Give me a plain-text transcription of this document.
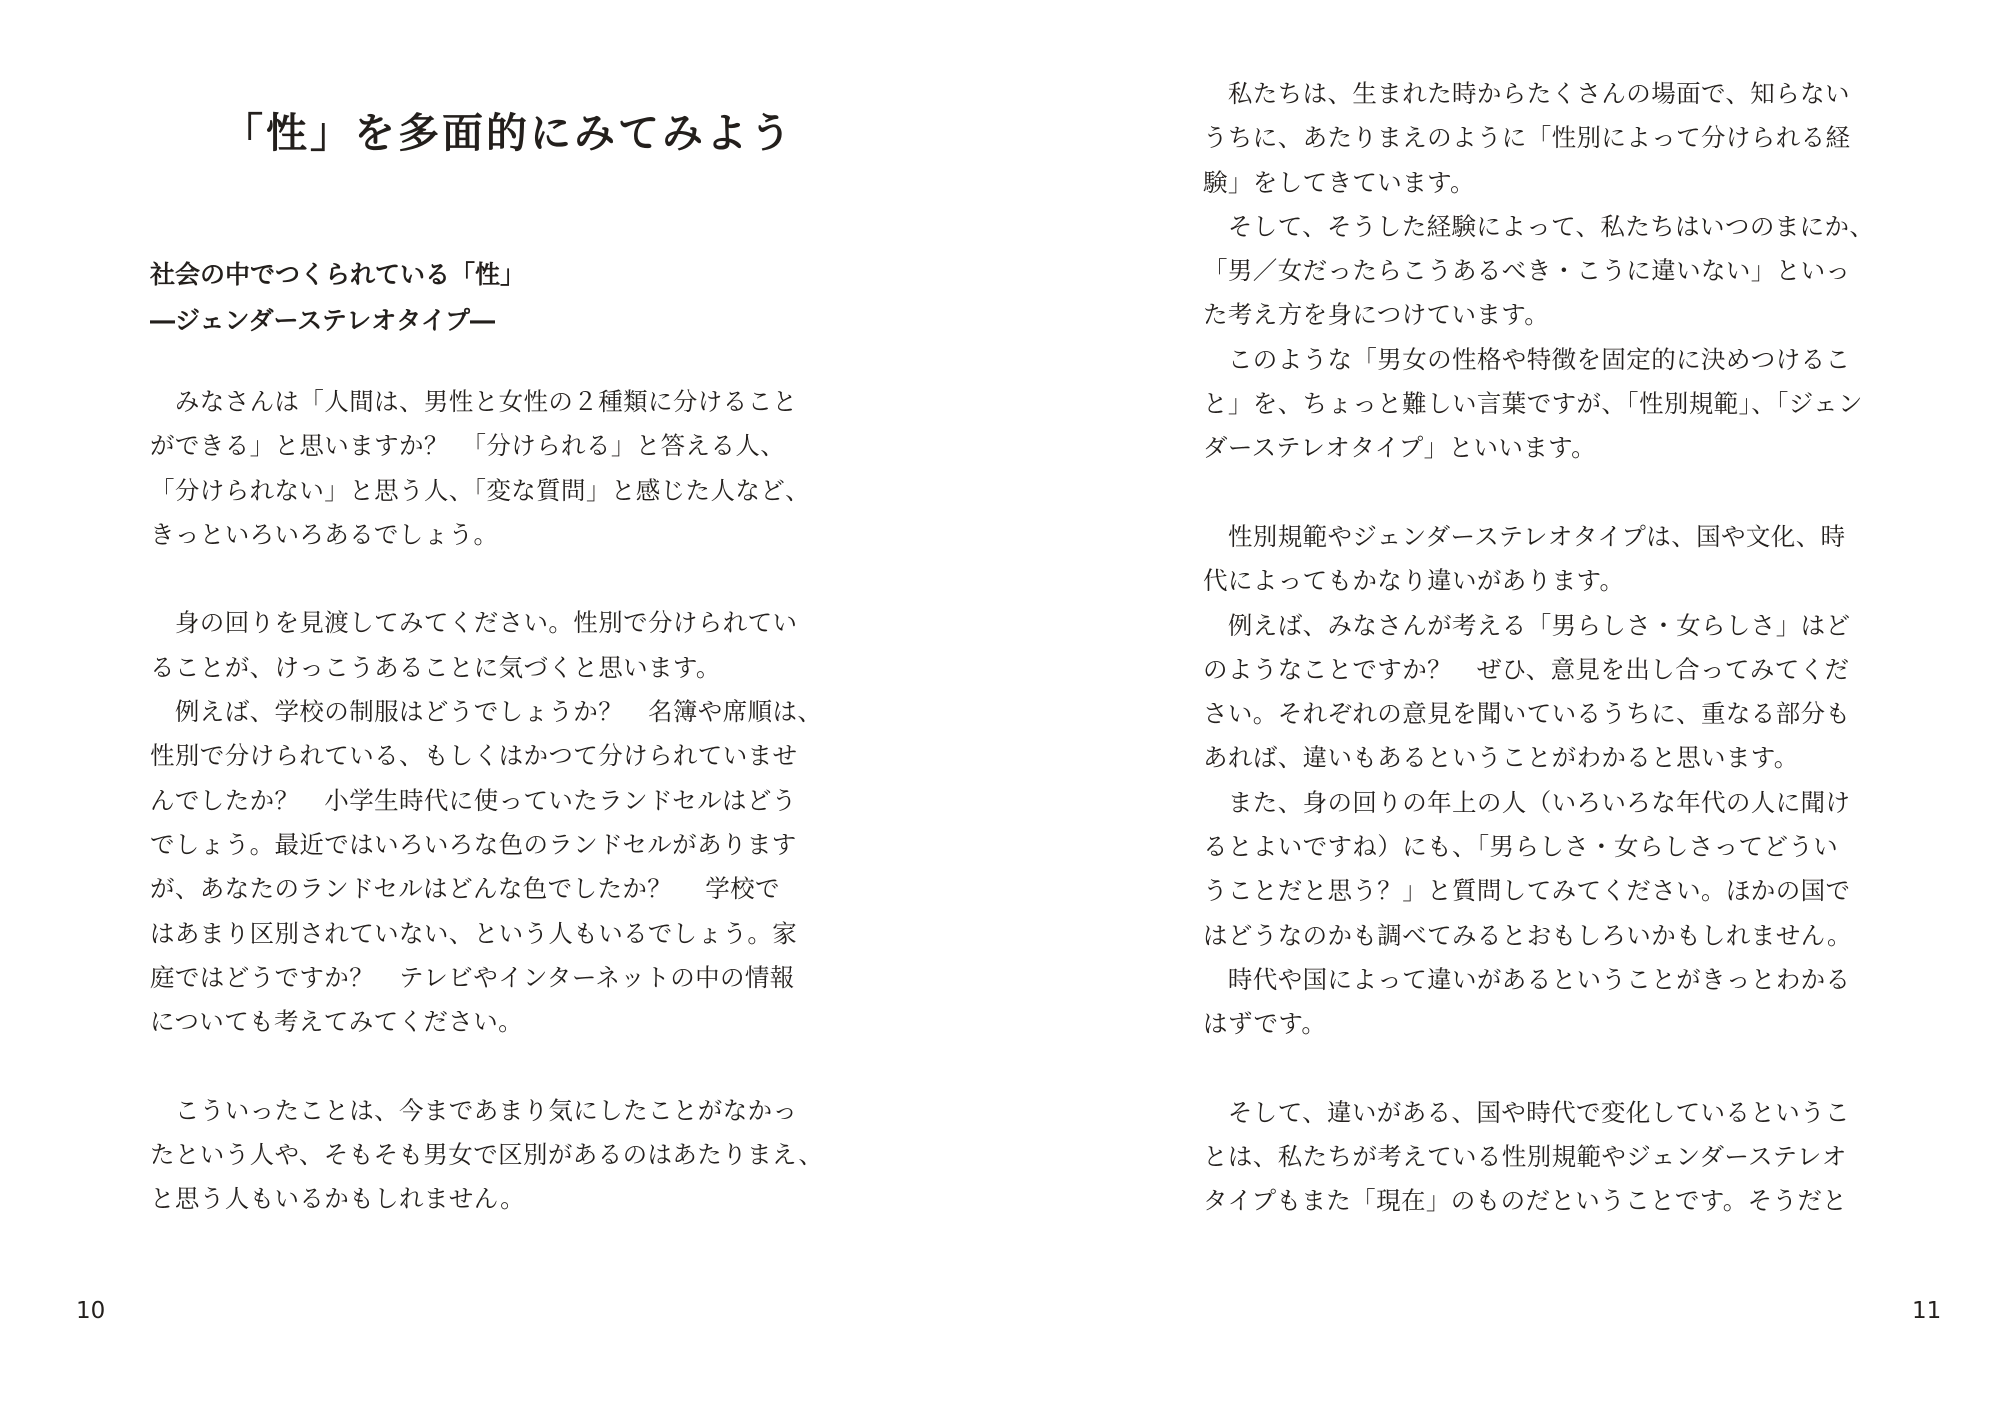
「性」を多面的にみてみよう
社会の中でつくられている「性」
―ジェンダーステレオタイプ―
　みなさんは「人間は、男性と女性の２種類に分けること
ができる」と思いますか？　「分けられる」と答える人、
「分けられない」と思う人、「変な質問」と感じた人など、
きっといろいろあるでしょう。
　身の回りを見渡してみてください。性別で分けられてい
ることが、けっこうあることに気づくと思います。
　例えば、学校の制服はどうでしょうか？　名簿や席順は、
性別で分けられている、もしくはかつて分けられていませ
んでしたか？　小学生時代に使っていたランドセルはどう
でしょう。最近ではいろいろな色のランドセルがあります
が、あなたのランドセルはどんな色でしたか？　 学校で
はあまり区別されていない、という人もいるでしょう。家
庭ではどうですか？　テレビやインターネットの中の情報
についても考えてみてください。
　こういったことは、今まであまり気にしたことがなかっ
たという人や、そもそも男女で区別があるのはあたりまえ、
と思う人もいるかもしれません。
10
　私たちは、生まれた時からたくさんの場面で、知らない
うちに、あたりまえのように「性別によって分けられる経
験」をしてきています。
　そして、そうした経験によって、私たちはいつのまにか、
「男／女だったらこうあるべき・こうに違いない」といっ
た考え方を身につけています。
　このような「男女の性格や特徴を固定的に決めつけるこ
と」を、ちょっと難しい言葉ですが、「性別規範」、「ジェン
ダーステレオタイプ」といいます。
　性別規範やジェンダーステレオタイプは、国や文化、時
代によってもかなり違いがあります。
　例えば、みなさんが考える「男らしさ・女らしさ」はど
のようなことですか？　ぜひ、意見を出し合ってみてくだ
さい。それぞれの意見を聞いているうちに、重なる部分も
あれば、違いもあるということがわかると思います。
　また、身の回りの年上の人（いろいろな年代の人に聞け
るとよいですね）にも、「男らしさ・女らしさってどうい
うことだと思う？」と質問してみてください。ほかの国で
はどうなのかも調べてみるとおもしろいかもしれません。
　時代や国によって違いがあるということがきっとわかる
はずです。
　そして、違いがある、国や時代で変化しているというこ
とは、私たちが考えている性別規範やジェンダーステレオ
タイプもまた「現在」のものだということです。そうだと
11
